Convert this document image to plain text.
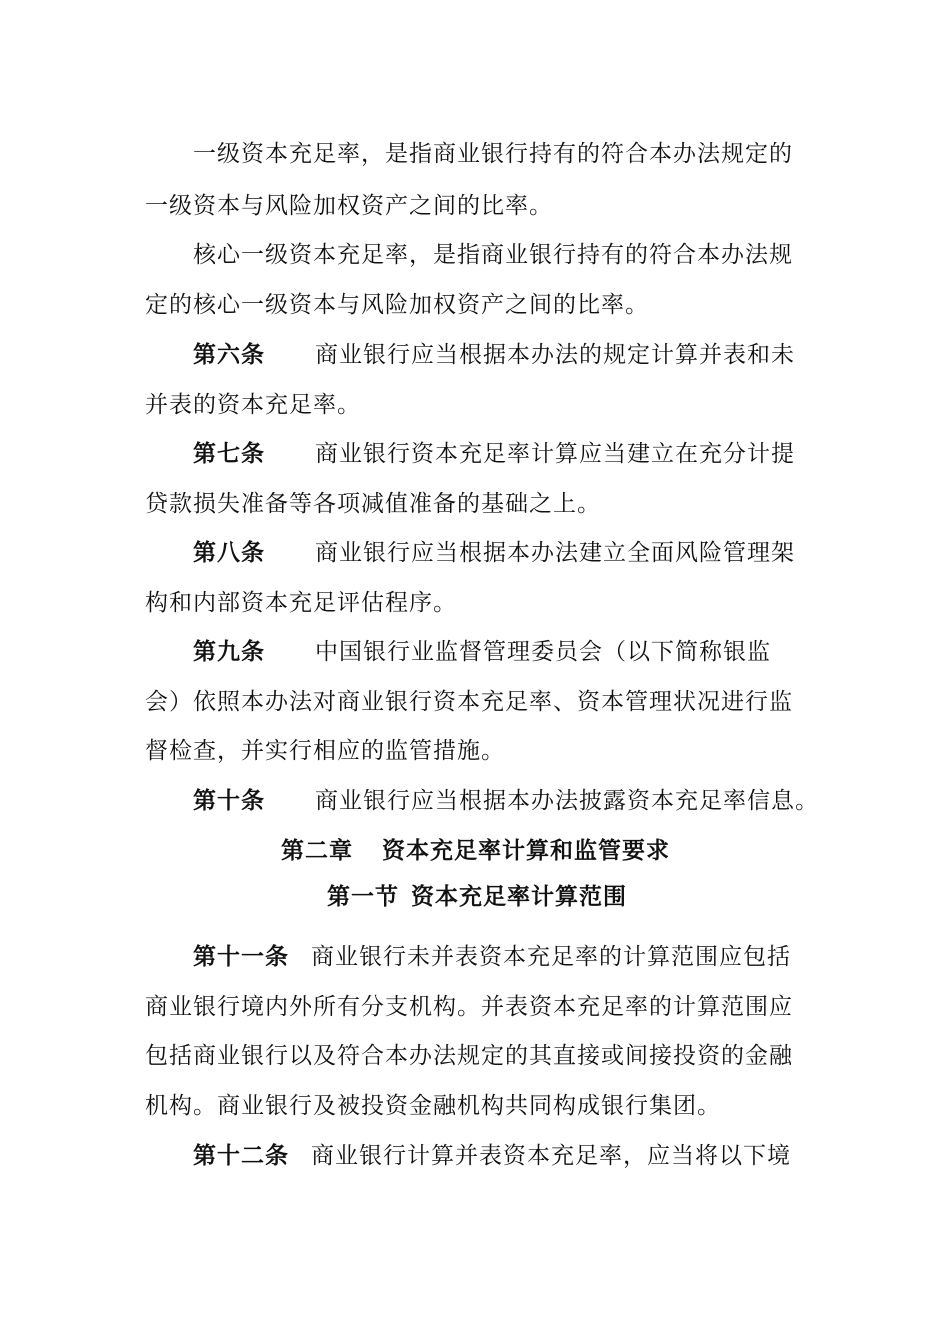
一级资本充足率，是指商业银行持有的符合本办法规定的
一级资本与风险加权资产之间的比率。
核心一级资本充足率，是指商业银行持有的符合本办法规
定的核心一级资本与风险加权资产之间的比率。
第六条 商业银行应当根据本办法的规定计算并表和未
并表的资本充足率。
第七条 商业银行资本充足率计算应当建立在充分计提
贷款损失准备等各项减值准备的基础之上。
第八条 商业银行应当根据本办法建立全面风险管理架
构和内部资本充足评估程序。
第九条 中国银行业监督管理委员会（以下简称银监
会）依照本办法对商业银行资本充足率、资本管理状况进行监
督检查，并实行相应的监管措施。
第十条 商业银行应当根据本办法披露资本充足率信息。
第二章 资本充足率计算和监管要求
第一节 资本充足率计算范围
第十一条 商业银行未并表资本充足率的计算范围应包括
商业银行境内外所有分支机构。并表资本充足率的计算范围应
包括商业银行以及符合本办法规定的其直接或间接投资的金融
机构。商业银行及被投资金融机构共同构成银行集团。
第十二条 商业银行计算并表资本充足率，应当将以下境
